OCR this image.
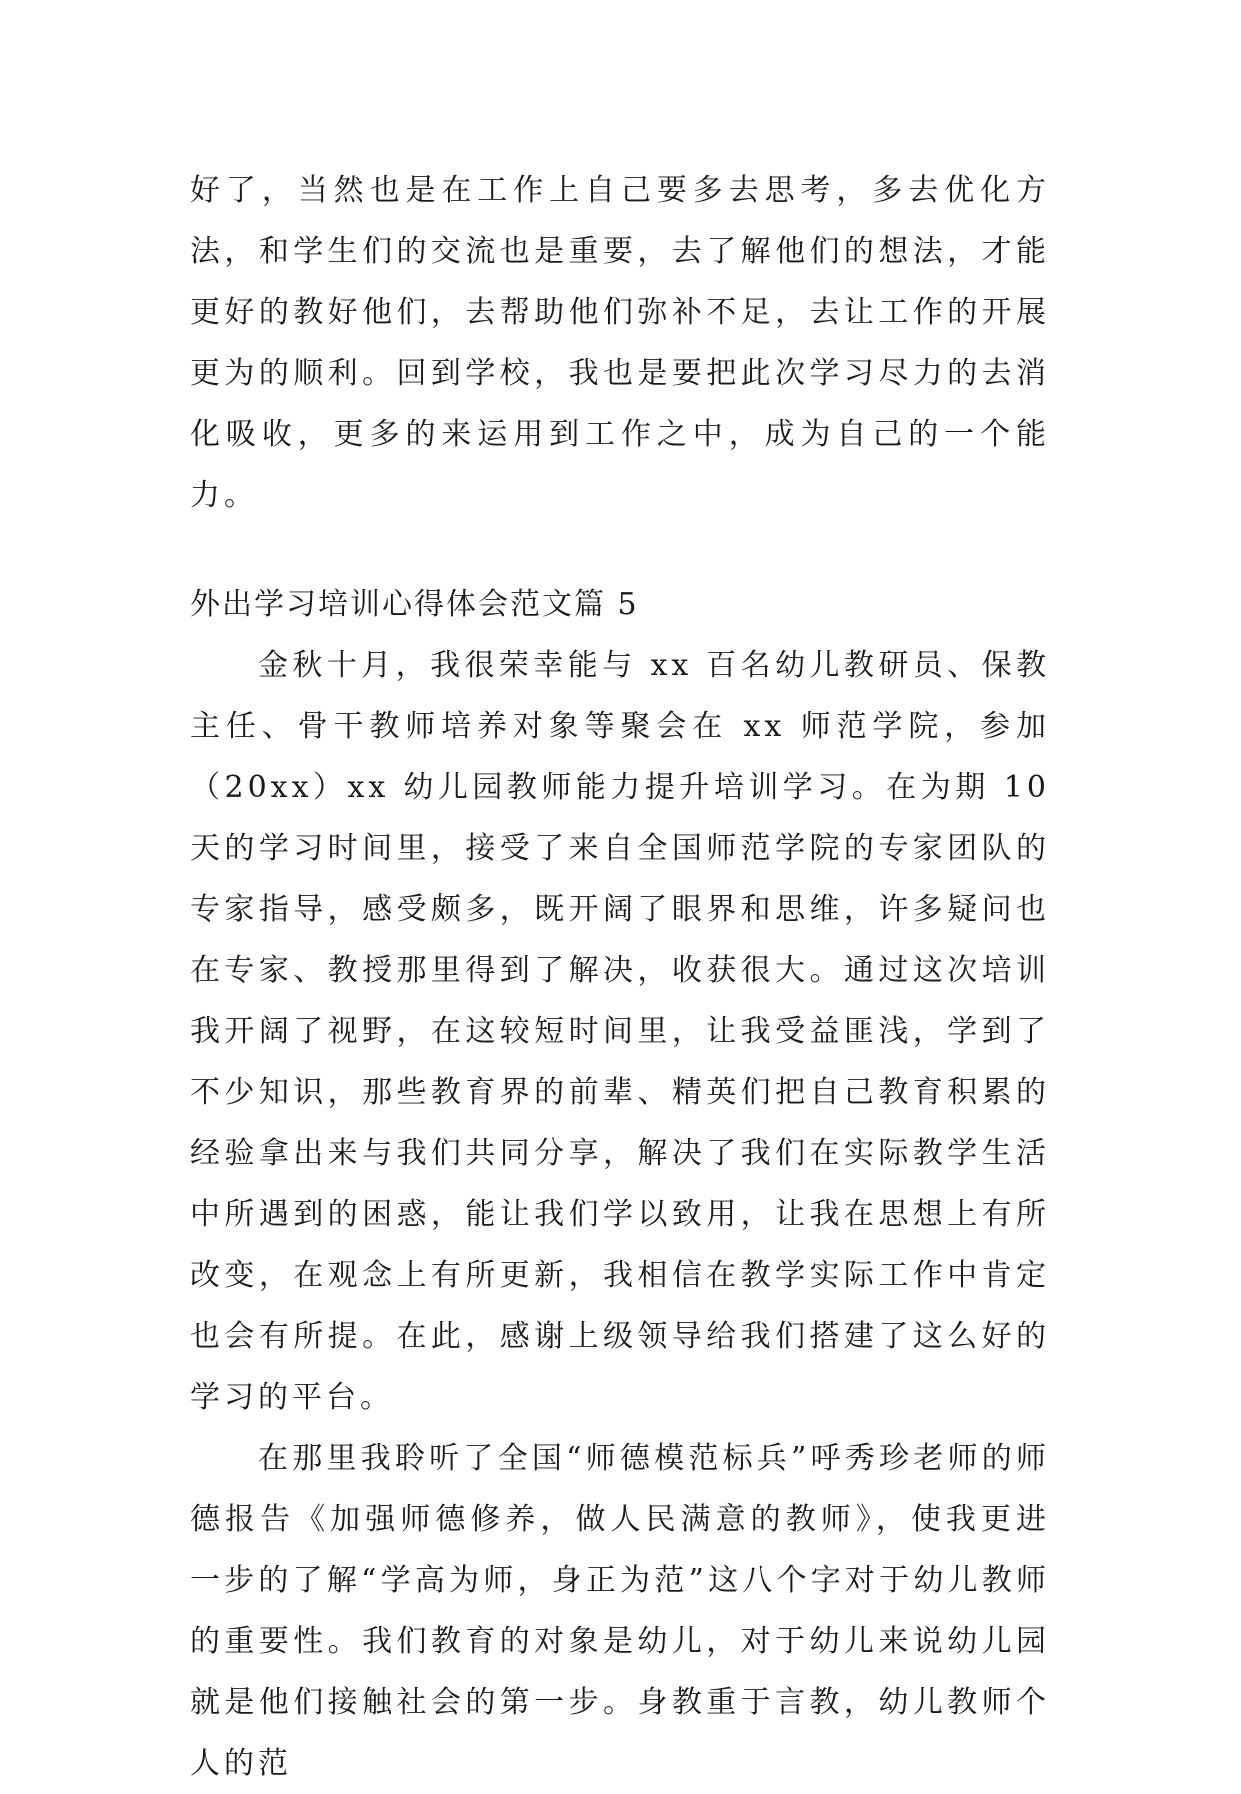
好了，当然也是在工作上自己要多去思考，多去优化方法，和学生们的交流也是重要，去了解他们的想法，才能更好的教好他们，去帮助他们弥补不足，去让工作的开展更为的顺利。回到学校，我也是要把此次学习尽力的去消化吸收，更多的来运用到工作之中，成为自己的一个能力。

外出学习培训心得体会范文篇 5

金秋十月，我很荣幸能与 xx 百名幼儿教研员、保教主任、骨干教师培养对象等聚会在 xx 师范学院，参加（20xx）xx 幼儿园教师能力提升培训学习。在为期 10 天的学习时间里，接受了来自全国师范学院的专家团队的专家指导，感受颇多，既开阔了眼界和思维，许多疑问也在专家、教授那里得到了解决，收获很大。通过这次培训我开阔了视野，在这较短时间里，让我受益匪浅，学到了不少知识，那些教育界的前辈、精英们把自己教育积累的经验拿出来与我们共同分享，解决了我们在实际教学生活中所遇到的困惑，能让我们学以致用，让我在思想上有所改变，在观念上有所更新，我相信在教学实际工作中肯定也会有所提。在此，感谢上级领导给我们搭建了这么好的学习的平台。

在那里我聆听了全国“师德模范标兵”呼秀珍老师的师德报告《加强师德修养，做人民满意的教师》，使我更进一步的了解“学高为师，身正为范”这八个字对于幼儿教师的重要性。我们教育的对象是幼儿，对于幼儿来说幼儿园就是他们接触社会的第一步。身教重于言教，幼儿教师个人的范
